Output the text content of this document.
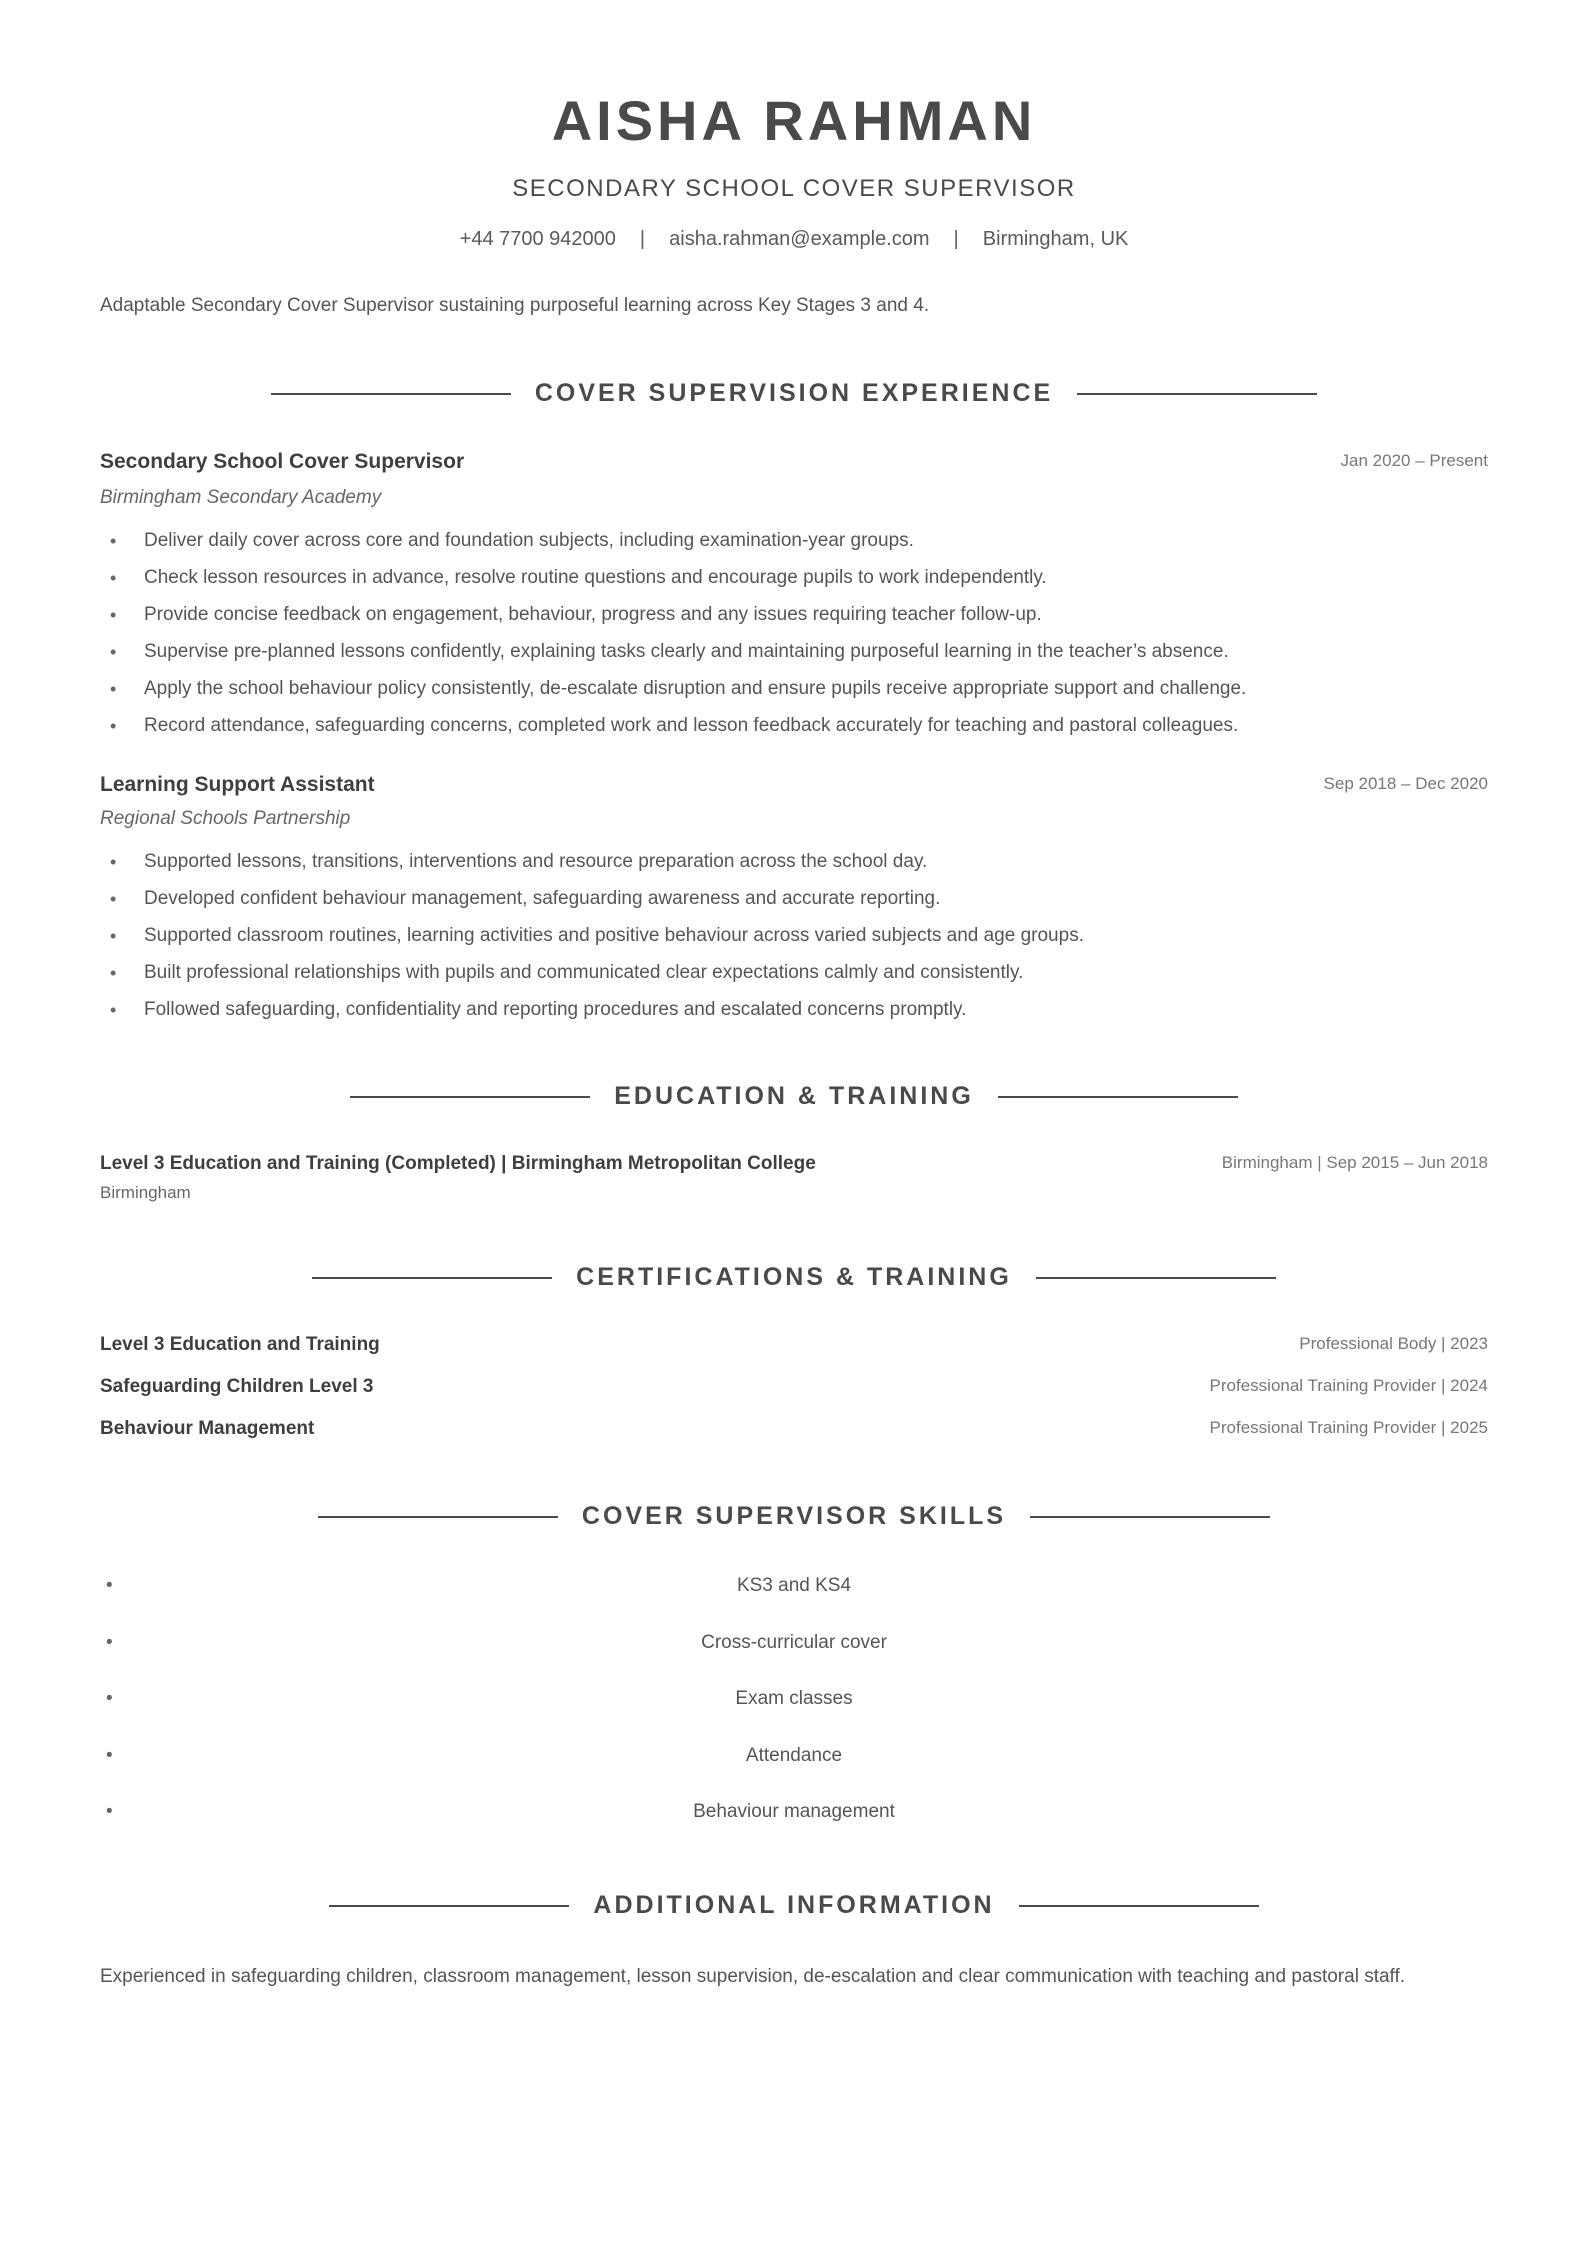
AISHA RAHMAN
SECONDARY SCHOOL COVER SUPERVISOR
+44 7700 942000 | aisha.rahman@example.com | Birmingham, UK
Adaptable Secondary Cover Supervisor sustaining purposeful learning across Key Stages 3 and 4.
COVER SUPERVISION EXPERIENCE
Secondary School Cover Supervisor	Jan 2020 – Present
Birmingham Secondary Academy
• Deliver daily cover across core and foundation subjects, including examination-year groups.
• Check lesson resources in advance, resolve routine questions and encourage pupils to work independently.
• Provide concise feedback on engagement, behaviour, progress and any issues requiring teacher follow-up.
• Supervise pre-planned lessons confidently, explaining tasks clearly and maintaining purposeful learning in the teacher’s absence.
• Apply the school behaviour policy consistently, de-escalate disruption and ensure pupils receive appropriate support and challenge.
• Record attendance, safeguarding concerns, completed work and lesson feedback accurately for teaching and pastoral colleagues.
Learning Support Assistant	Sep 2018 – Dec 2020
Regional Schools Partnership
• Supported lessons, transitions, interventions and resource preparation across the school day.
• Developed confident behaviour management, safeguarding awareness and accurate reporting.
• Supported classroom routines, learning activities and positive behaviour across varied subjects and age groups.
• Built professional relationships with pupils and communicated clear expectations calmly and consistently.
• Followed safeguarding, confidentiality and reporting procedures and escalated concerns promptly.
EDUCATION & TRAINING
Level 3 Education and Training (Completed) | Birmingham Metropolitan College	Birmingham | Sep 2015 – Jun 2018
Birmingham
CERTIFICATIONS & TRAINING
Level 3 Education and Training	Professional Body | 2023
Safeguarding Children Level 3	Professional Training Provider | 2024
Behaviour Management	Professional Training Provider | 2025
COVER SUPERVISOR SKILLS
• KS3 and KS4
• Cross-curricular cover
• Exam classes
• Attendance
• Behaviour management
ADDITIONAL INFORMATION
Experienced in safeguarding children, classroom management, lesson supervision, de-escalation and clear communication with teaching and pastoral staff.
